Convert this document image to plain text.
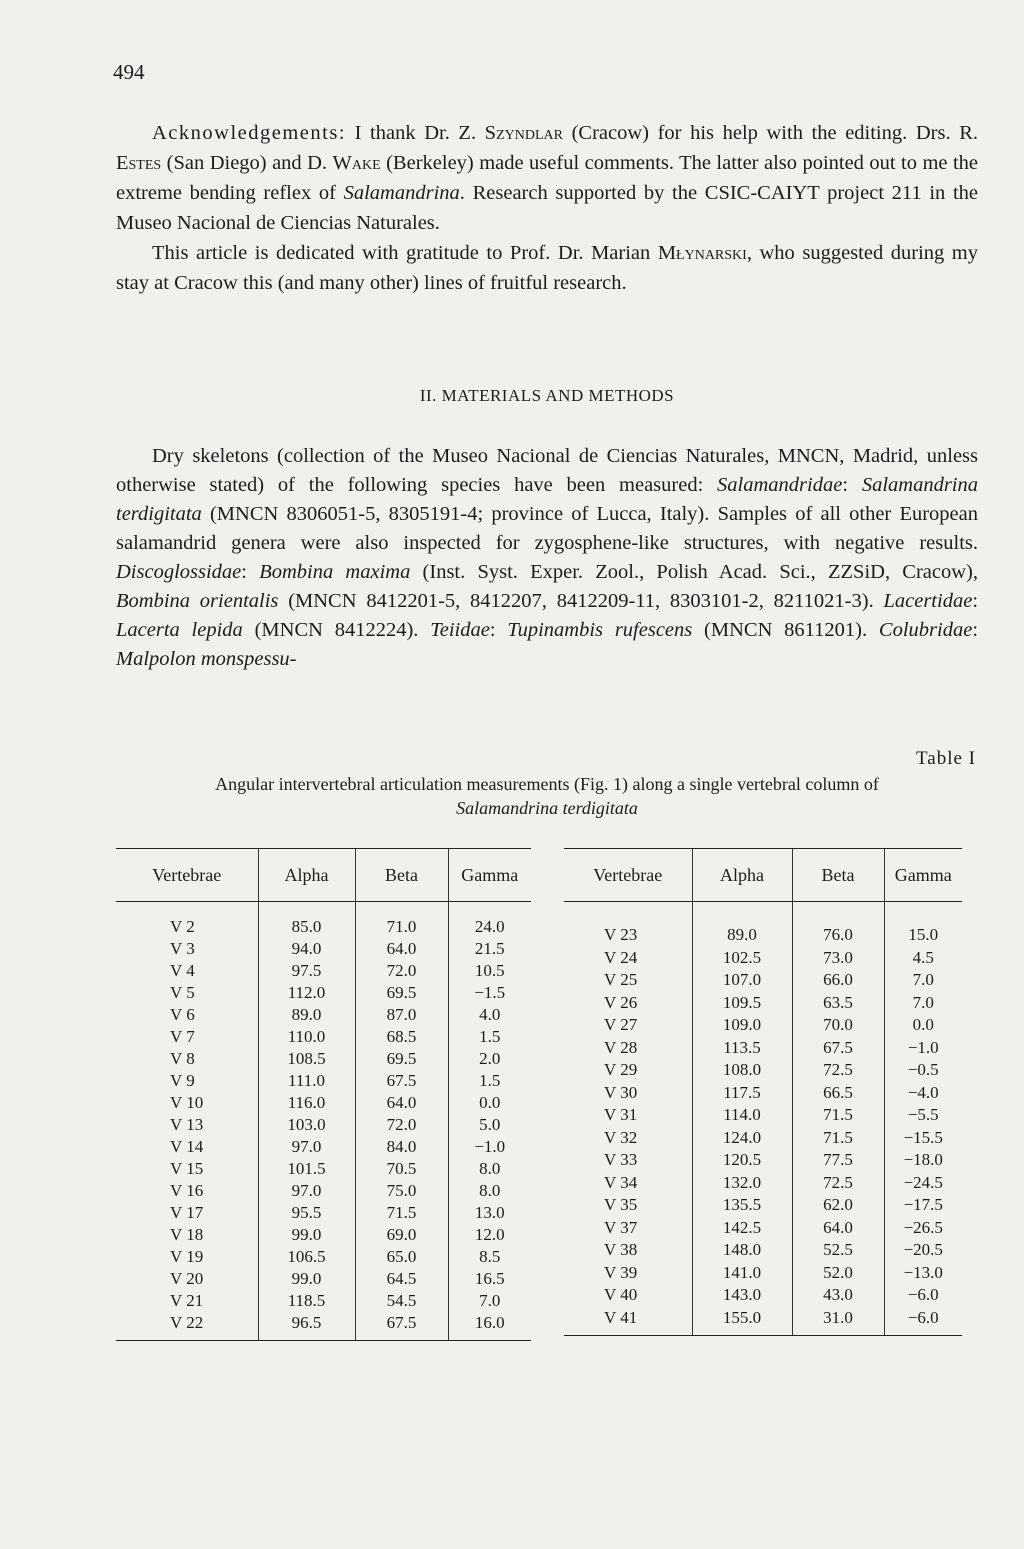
494

Acknowledgements: I thank Dr. Z. Szyndlar (Cracow) for his help with the editing. Drs. R. Estes (San Diego) and D. Wake (Berkeley) made useful comments. The latter also pointed out to me the extreme bending reflex of Salamandrina. Research supported by the CSIC-CAIYT project 211 in the Museo Nacional de Ciencias Naturales.

This article is dedicated with gratitude to Prof. Dr. Marian Młynarski, who suggested during my stay at Cracow this (and many other) lines of fruitful research.

II. MATERIALS AND METHODS

Dry skeletons (collection of the Museo Nacional de Ciencias Naturales, MNCN, Madrid, unless otherwise stated) of the following species have been measured: Salamandridae: Salamandrina terdigitata (MNCN 8306051-5, 8305191-4; province of Lucca, Italy). Samples of all other European salamandrid genera were also inspected for zygosphene-like structures, with negative results. Discoglossidae: Bombina maxima (Inst. Syst. Exper. Zool., Polish Acad. Sci., ZZSiD, Cracow), Bombina orientalis (MNCN 8412201-5, 8412207, 8412209-11, 8303101-2, 8211021-3). Lacertidae: Lacerta lepida (MNCN 8412224). Teiidae: Tupinambis rufescens (MNCN 8611201). Colubridae: Malpolon monspessu-

Table I
Angular intervertebral articulation measurements (Fig. 1) along a single vertebral column of
Salamandrina terdigitata
Vertebrae	Alpha	Beta	Gamma
V 2	85.0	71.0	24.0
V 3	94.0	64.0	21.5
V 4	97.5	72.0	10.5
V 5	112.0	69.5	−1.5
V 6	89.0	87.0	4.0
V 7	110.0	68.5	1.5
V 8	108.5	69.5	2.0
V 9	111.0	67.5	1.5
V 10	116.0	64.0	0.0
V 13	103.0	72.0	5.0
V 14	97.0	84.0	−1.0
V 15	101.5	70.5	8.0
V 16	97.0	75.0	8.0
V 17	95.5	71.5	13.0
V 18	99.0	69.0	12.0
V 19	106.5	65.0	8.5
V 20	99.0	64.5	16.5
V 21	118.5	54.5	7.0
V 22	96.5	67.5	16.0
Vertebrae	Alpha	Beta	Gamma
V 23	89.0	76.0	15.0
V 24	102.5	73.0	4.5
V 25	107.0	66.0	7.0
V 26	109.5	63.5	7.0
V 27	109.0	70.0	0.0
V 28	113.5	67.5	−1.0
V 29	108.0	72.5	−0.5
V 30	117.5	66.5	−4.0
V 31	114.0	71.5	−5.5
V 32	124.0	71.5	−15.5
V 33	120.5	77.5	−18.0
V 34	132.0	72.5	−24.5
V 35	135.5	62.0	−17.5
V 37	142.5	64.0	−26.5
V 38	148.0	52.5	−20.5
V 39	141.0	52.0	−13.0
V 40	143.0	43.0	−6.0
V 41	155.0	31.0	−6.0
